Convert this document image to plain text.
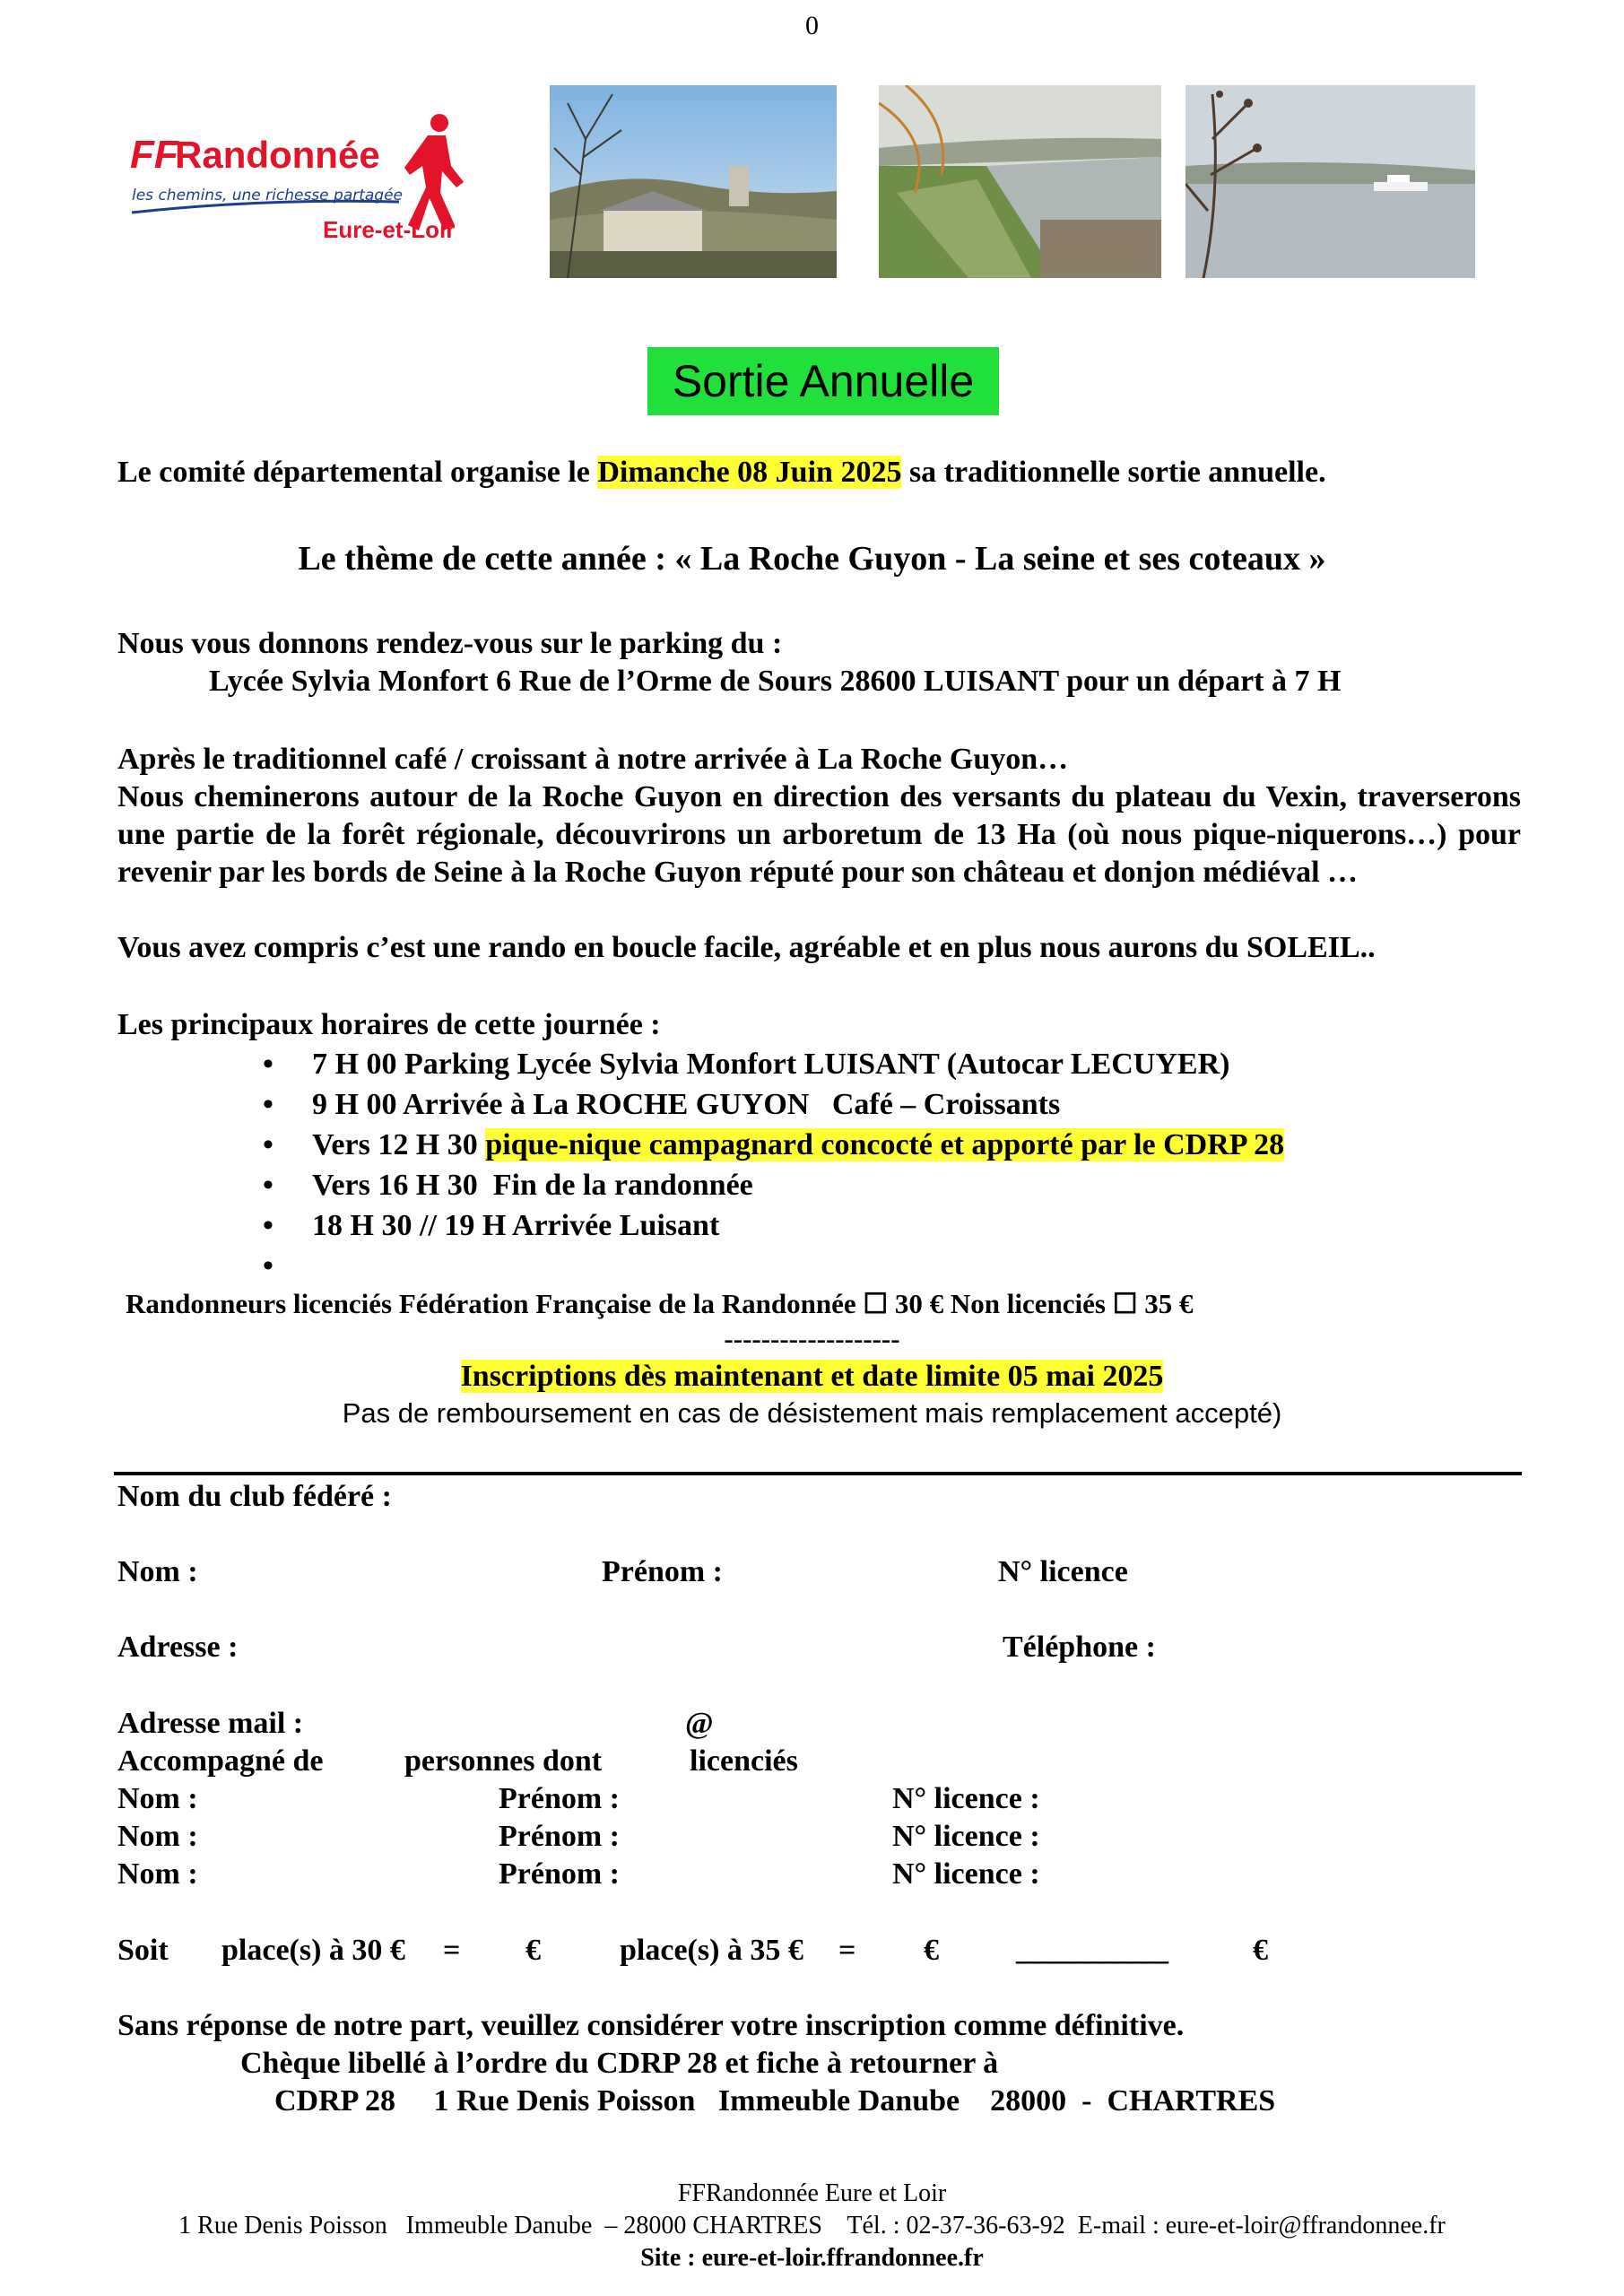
0
FF
Randonnée
les chemins, une richesse partagée
Eure-et-Loir
Sortie Annuelle
Le comité départemental organise le Dimanche 08 Juin 2025 sa traditionnelle sortie annuelle.
Le thème de cette année : « La Roche Guyon - La seine et ses coteaux »
Nous vous donnons rendez-vous sur le parking du :
Lycée Sylvia Monfort 6 Rue de l’Orme de Sours 28600 LUISANT pour un départ à 7 H
Après le traditionnel café / croissant à notre arrivée à La Roche Guyon…
Nous cheminerons autour de la Roche Guyon en direction des versants du plateau du Vexin, traverserons une partie de la forêt régionale, découvrirons un arboretum de 13 Ha (où nous pique-niquerons…) pour revenir par les bords de Seine à la Roche Guyon réputé pour son château et donjon médiéval …
Vous avez compris c’est une rando en boucle facile, agréable et en plus nous aurons du SOLEIL..
Les principaux horaires de cette journée :
• 7 H 00 Parking Lycée Sylvia Monfort LUISANT (Autocar LECUYER)
• 9 H 00 Arrivée à La ROCHE GUYON   Café – Croissants
• Vers 12 H 30 pique-nique campagnard concocté et apporté par le CDRP 28
• Vers 16 H 30  Fin de la randonnée
• 18 H 30 // 19 H Arrivée Luisant
•
Randonneurs licenciés Fédération Française de la Randonnée ☐ 30 € Non licenciés ☐ 35 €
-------------------
Inscriptions dès maintenant et date limite 05 mai 2025
Pas de remboursement en cas de désistement mais remplacement accepté)
Nom du club fédéré :
Nom :	Prénom :	N° licence
Adresse :	Téléphone :
Adresse mail :	@
Accompagné de	personnes dont	licenciés
Nom :	Prénom :	N° licence :
Nom :	Prénom :	N° licence :
Nom :	Prénom :	N° licence :
Soit place(s) à 30 € = €	place(s) à 35 € = €	__________	€
Sans réponse de notre part, veuillez considérer votre inscription comme définitive.
Chèque libellé à l’ordre du CDRP 28 et fiche à retourner à
CDRP 28     1 Rue Denis Poisson   Immeuble Danube    28000  -  CHARTRES
FFRandonnée Eure et Loir
1 Rue Denis Poisson   Immeuble Danube  – 28000 CHARTRES    Tél. : 02-37-36-63-92  E-mail : eure-et-loir@ffrandonnee.fr
Site : eure-et-loir.ffrandonnee.fr
